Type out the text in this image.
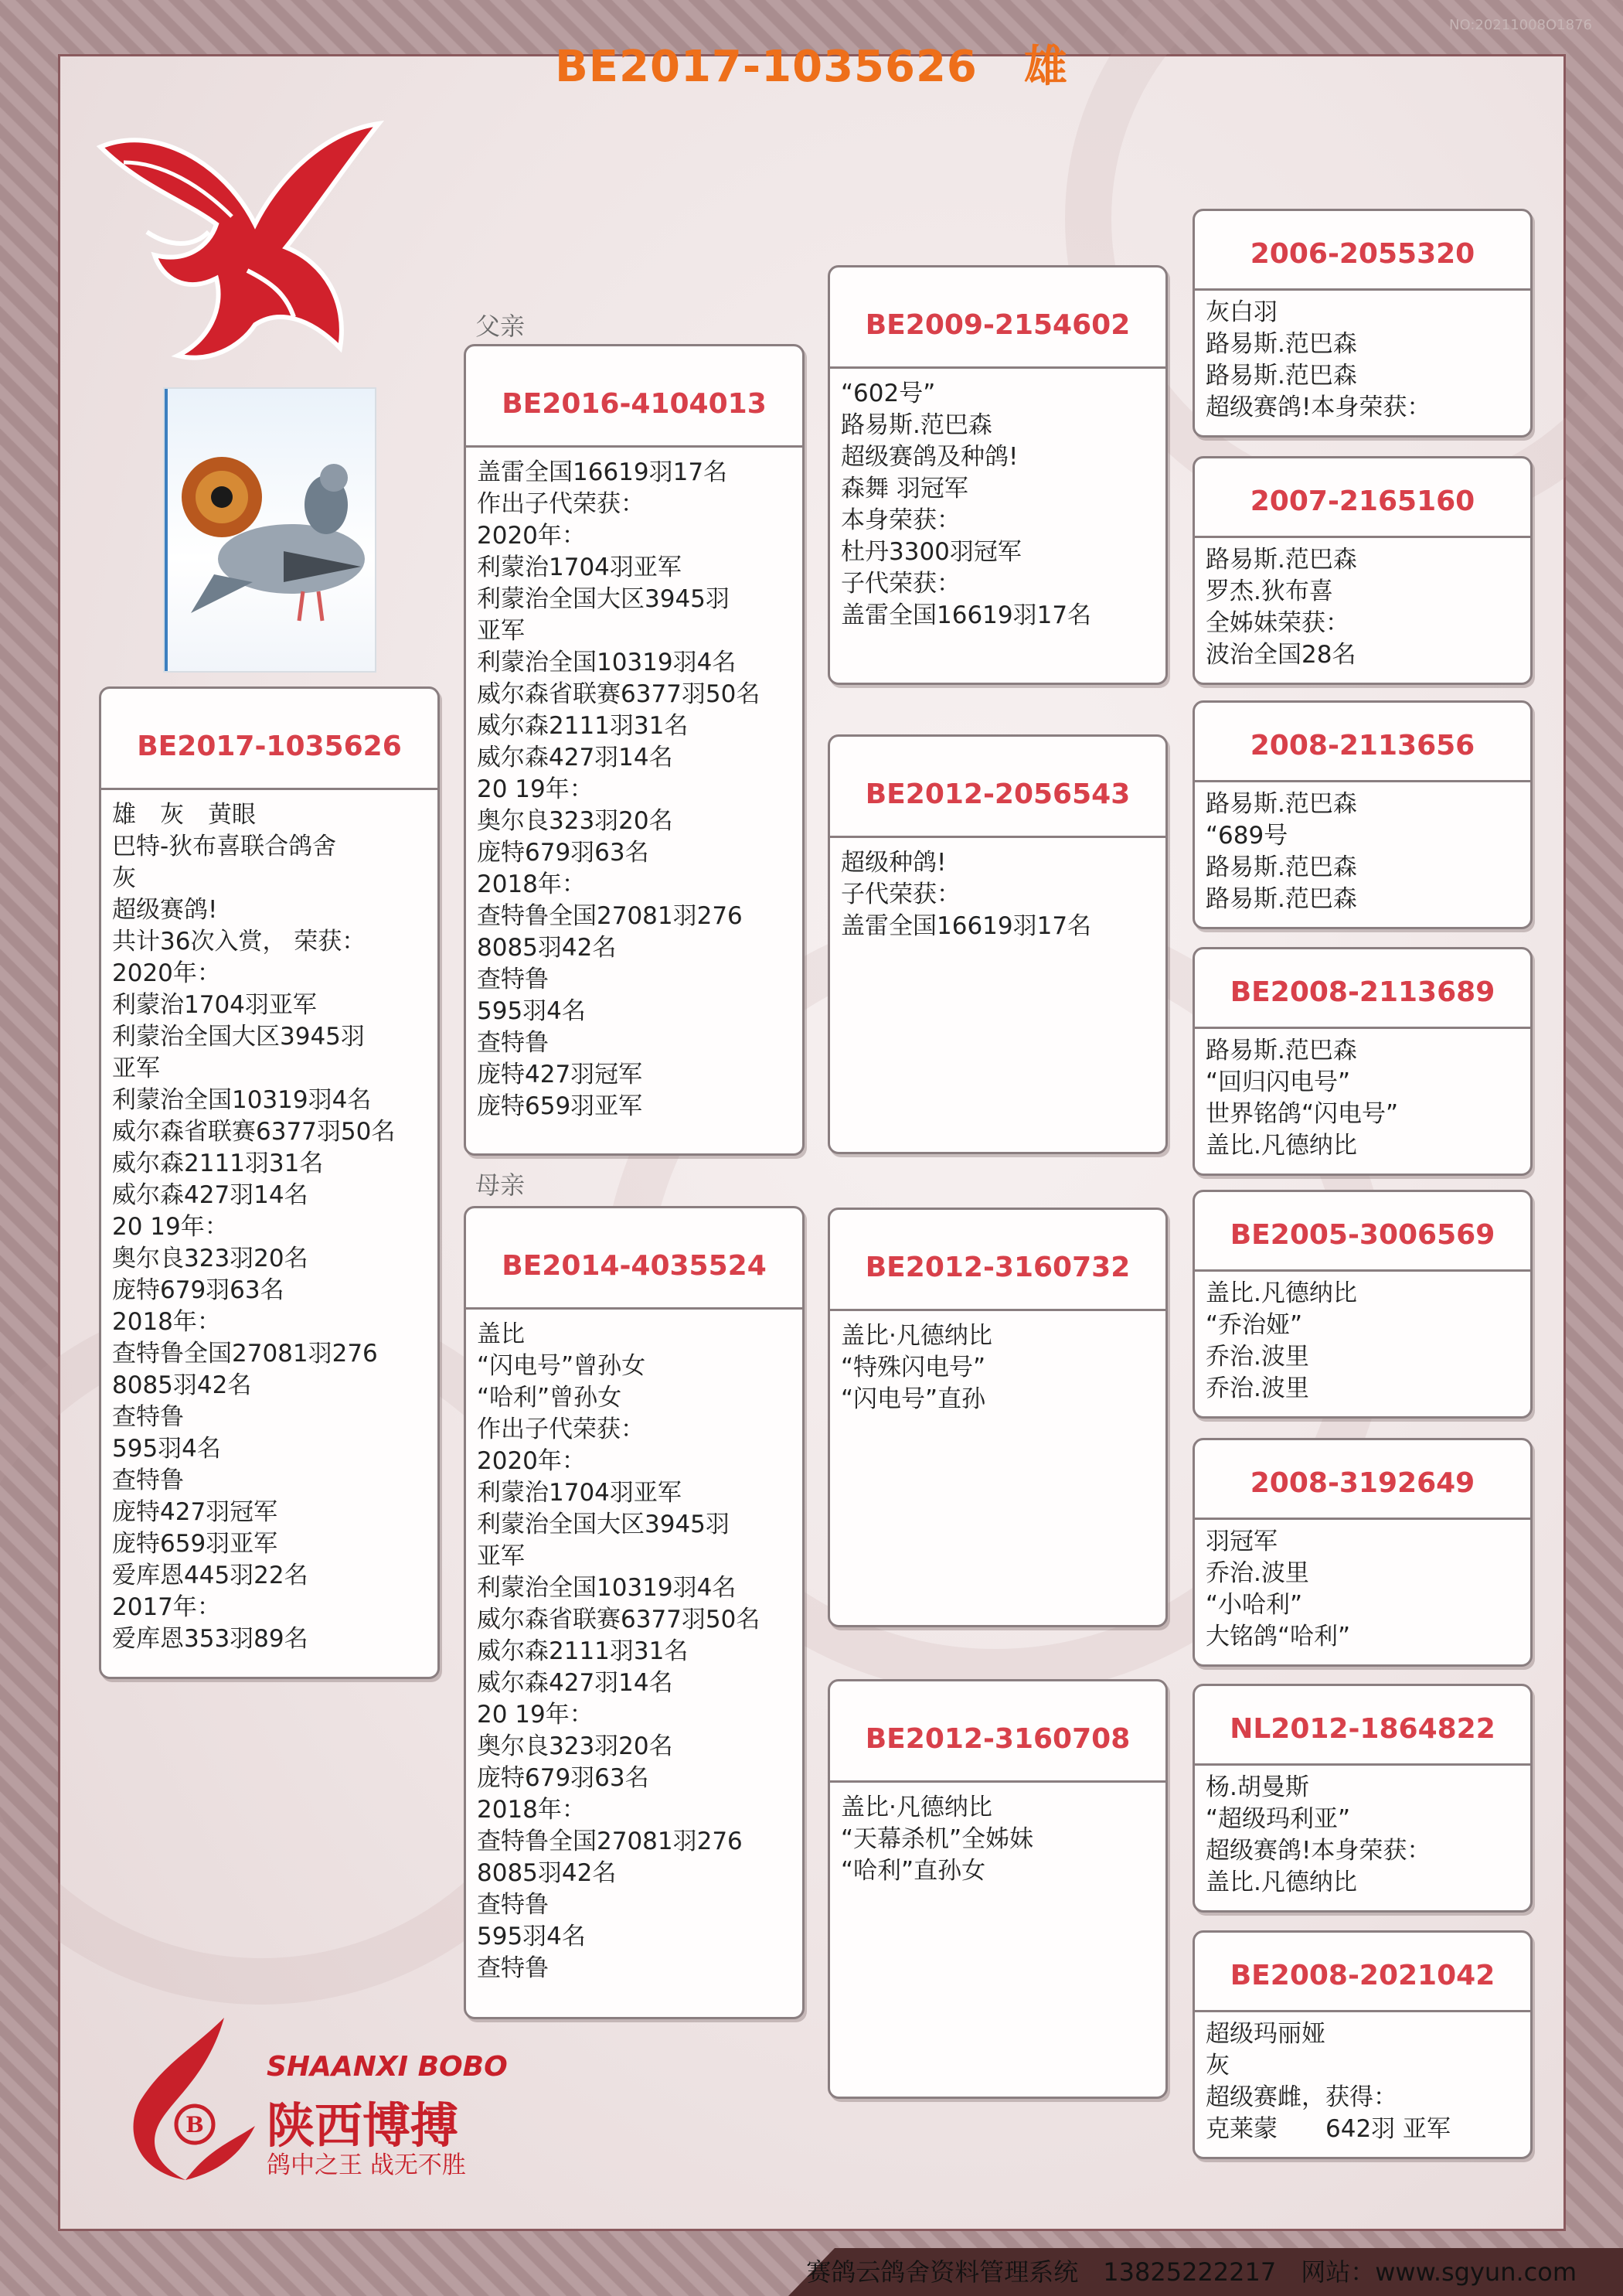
NO:20211008O1876
BE2017-1035626 雄
BE2017-1035626
雄　灰　黄眼
巴特-狄布喜联合鸽舍
灰
超级赛鸽!
共计36次入赏， 荣获：
2020年：
利蒙治1704羽亚军
利蒙治全国大区3945羽
亚军
利蒙治全国10319羽4名
威尔森省联赛6377羽50名
威尔森2111羽31名
威尔森427羽14名
20 19年：
奥尔良323羽20名
庞特679羽63名
2018年：
查特鲁全国27081羽276
8085羽42名
查特鲁
595羽4名
查特鲁
庞特427羽冠军
庞特659羽亚军
爱库恩445羽22名
2017年：
爱库恩353羽89名
父亲
BE2016-4104013
盖雷全国16619羽17名
作出子代荣获：
2020年：
利蒙治1704羽亚军
利蒙治全国大区3945羽
亚军
利蒙治全国10319羽4名
威尔森省联赛6377羽50名
威尔森2111羽31名
威尔森427羽14名
20 19年：
奥尔良323羽20名
庞特679羽63名
2018年：
查特鲁全国27081羽276
8085羽42名
查特鲁
595羽4名
查特鲁
庞特427羽冠军
庞特659羽亚军
母亲
BE2014-4035524
盖比
“闪电号”曾孙女
“哈利”曾孙女
作出子代荣获：
2020年：
利蒙治1704羽亚军
利蒙治全国大区3945羽
亚军
利蒙治全国10319羽4名
威尔森省联赛6377羽50名
威尔森2111羽31名
威尔森427羽14名
20 19年：
奥尔良323羽20名
庞特679羽63名
2018年：
查特鲁全国27081羽276
8085羽42名
查特鲁
595羽4名
查特鲁
BE2009-2154602
“602号”
路易斯.范巴森
超级赛鸽及种鸽!
森舞 羽冠军
本身荣获：
杜丹3300羽冠军
子代荣获：
盖雷全国16619羽17名
BE2012-2056543
超级种鸽!
子代荣获：
盖雷全国16619羽17名
BE2012-3160732
盖比·凡德纳比
“特殊闪电号”
“闪电号”直孙
BE2012-3160708
盖比·凡德纳比
“天幕杀机”全姊妹
“哈利”直孙女
2006-2055320
灰白羽
路易斯.范巴森
路易斯.范巴森
超级赛鸽!本身荣获：
2007-2165160
路易斯.范巴森
罗杰.狄布喜
全姊妹荣获：
波治全国28名
2008-2113656
路易斯.范巴森
“689号
路易斯.范巴森
路易斯.范巴森
BE2008-2113689
路易斯.范巴森
“回归闪电号”
世界铭鸽“闪电号”
盖比.凡德纳比
BE2005-3006569
盖比.凡德纳比
“乔治娅”
乔治.波里
乔治.波里
2008-3192649
羽冠军
乔治.波里
“小哈利”
大铭鸽“哈利”
NL2012-1864822
杨.胡曼斯
“超级玛利亚”
超级赛鸽!本身荣获：
盖比.凡德纳比
BE2008-2021042
超级玛丽娅
灰
超级赛雌，获得：
克莱蒙　　642羽 亚军
B
SHAANXI BOBO
陕西博搏
鸽中之王 战无不胜
赛鸽云鸽舍资料管理系统　13825222217　网站：www.sgyun.com
